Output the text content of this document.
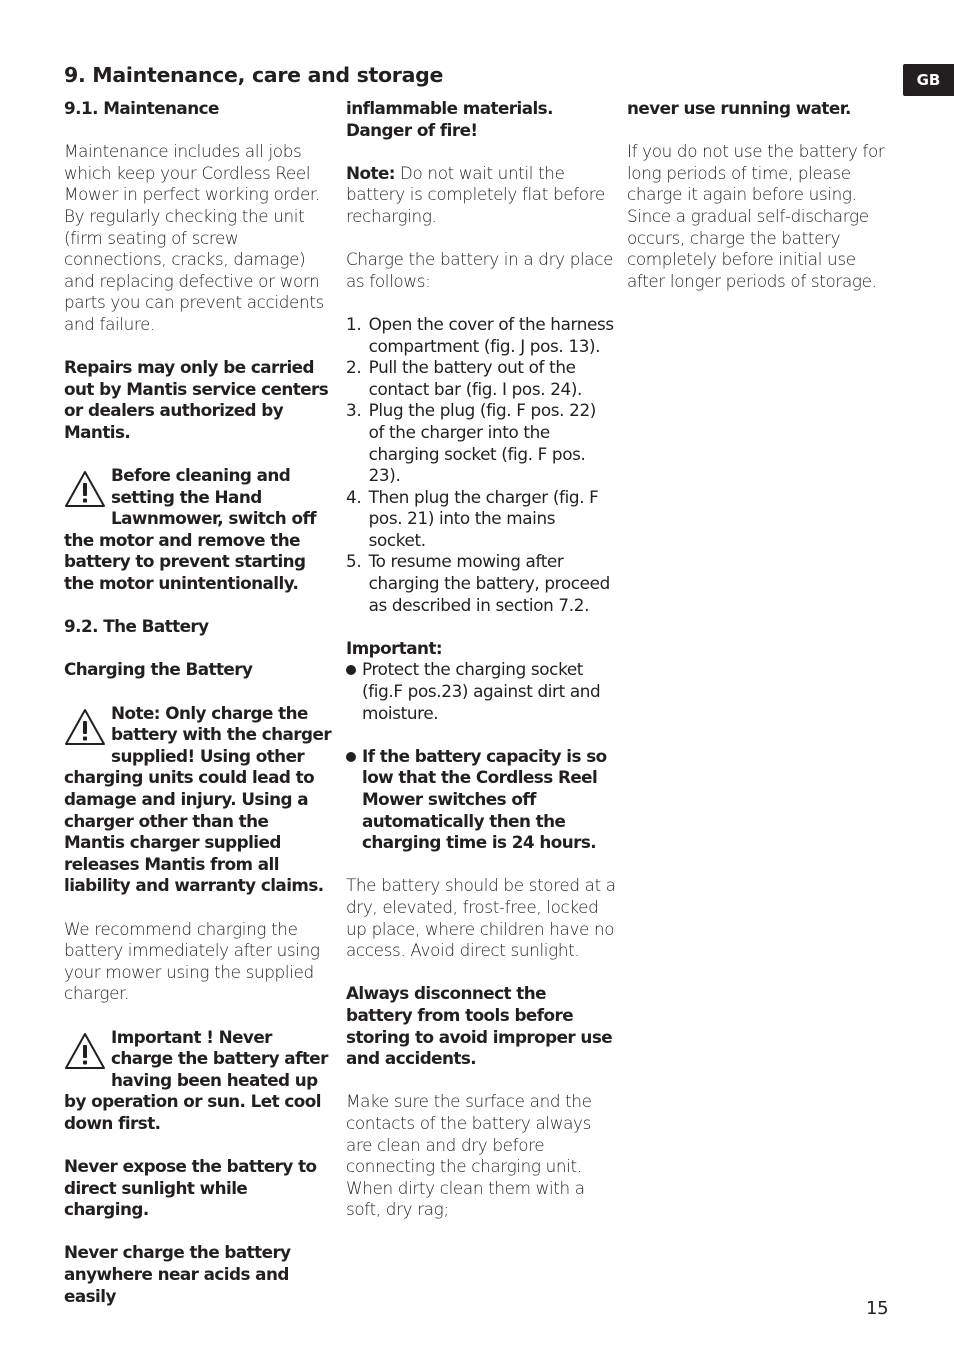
9. Maintenance, care and storage	GB

9.1. Maintenance

Maintenance includes all jobs which keep your Cordless Reel Mower in perfect working order. By regularly checking the unit (firm seating of screw connections, cracks, damage) and replacing defective or worn parts you can prevent accidents and failure.

Repairs may only be carried out by Mantis service centers or dealers authorized by Mantis.

Before cleaning and setting the Hand Lawnmower, switch off the motor and remove the battery to prevent starting the motor unintentionally.

9.2. The Battery

Charging the Battery

Note: Only charge the battery with the charger supplied! Using other charging units could lead to damage and injury. Using a charger other than the Mantis charger supplied releases Mantis from all liability and warranty claims.

We recommend charging the battery immediately after using your mower using the supplied charger.

Important ! Never charge the battery after having been heated up by operation or sun. Let cool down first.

Never expose the battery to direct sunlight while charging.

Never charge the battery anywhere near acids and easily

inflammable materials. Danger of fire!

Note: Do not wait until the battery is completely flat before recharging.

Charge the battery in a dry place as follows:

1. Open the cover of the harness compartment (fig. J pos. 13).
2. Pull the battery out of the contact bar (fig. I pos. 24).
3. Plug the plug (fig. F pos. 22) of the charger into the charging socket (fig. F pos. 23).
4. Then plug the charger (fig. F pos. 21) into the mains socket.
5. To resume mowing after charging the battery, proceed as described in section 7.2.
Important:
Protect the charging socket (fig.F pos.23) against dirt and moisture.
If the battery capacity is so low that the Cordless Reel Mower switches off automatically then the charging time is 24 hours.

The battery should be stored at a dry, elevated, frost-free, locked up place, where children have no access. Avoid direct sunlight.

Always disconnect the battery from tools before storing to avoid improper use and accidents.

Make sure the surface and the contacts of the battery always are clean and dry before connecting the charging unit. When dirty clean them with a soft, dry rag;

never use running water.

If you do not use the battery for long periods of time, please charge it again before using. Since a gradual self-discharge occurs, charge the battery completely before initial use after longer periods of storage.

15
